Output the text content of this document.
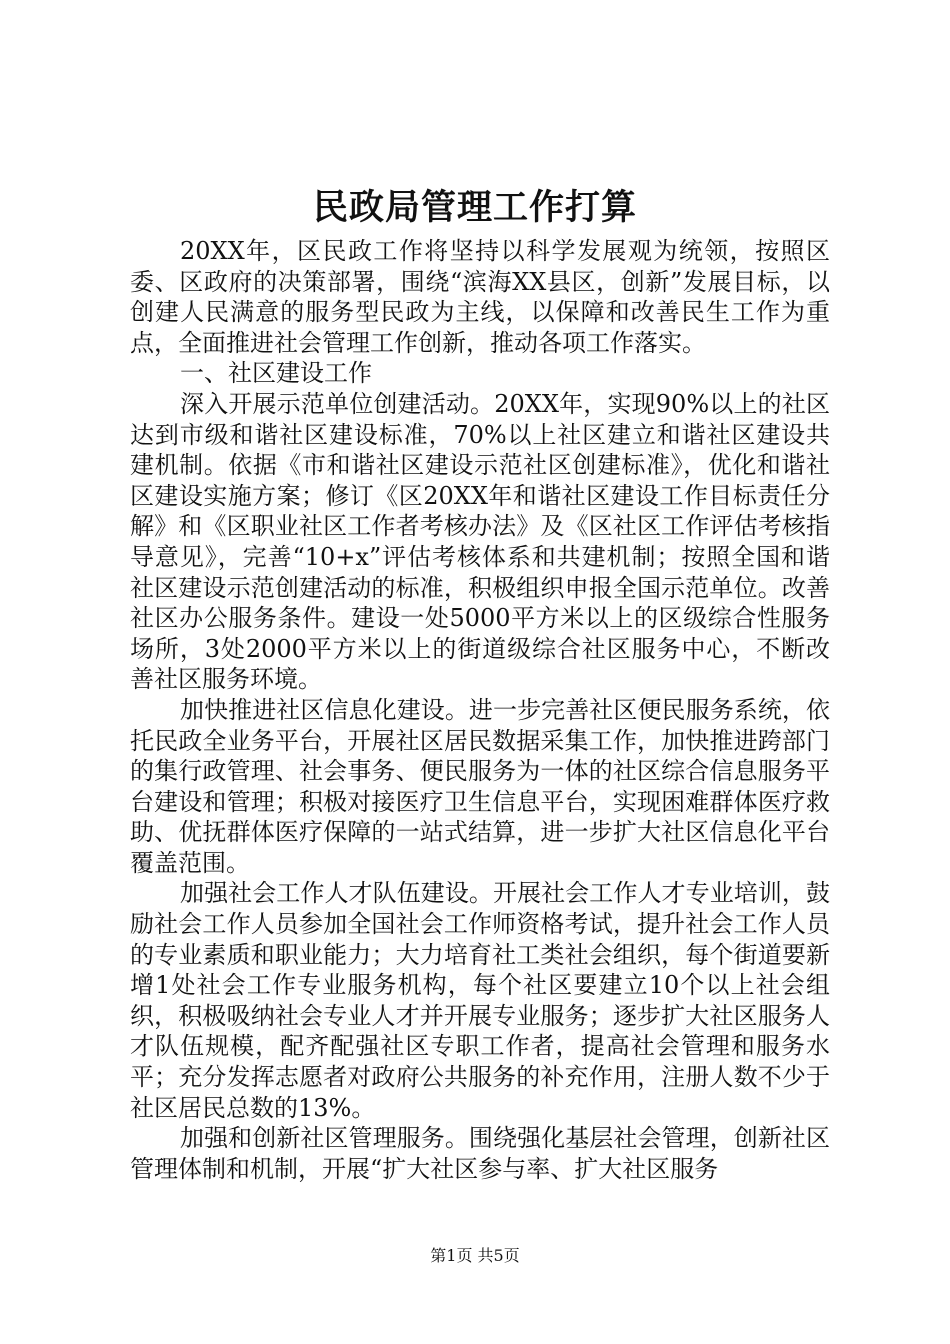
民政局管理工作打算

20XX年，区民政工作将坚持以科学发展观为统领，按照区委、区政府的决策部署，围绕“滨海XX县区，创新”发展目标，以创建人民满意的服务型民政为主线，以保障和改善民生工作为重点，全面推进社会管理工作创新，推动各项工作落实。

一、社区建设工作

深入开展示范单位创建活动。20XX年，实现90%以上的社区达到市级和谐社区建设标准，70%以上社区建立和谐社区建设共建机制。依据《市和谐社区建设示范社区创建标准》，优化和谐社区建设实施方案；修订《区20XX年和谐社区建设工作目标责任分解》和《区职业社区工作者考核办法》及《区社区工作评估考核指导意见》，完善“10+x”评估考核体系和共建机制；按照全国和谐社区建设示范创建活动的标准，积极组织申报全国示范单位。改善社区办公服务条件。建设一处5000平方米以上的区级综合性服务场所，3处2000平方米以上的街道级综合社区服务中心，不断改善社区服务环境。

加快推进社区信息化建设。进一步完善社区便民服务系统，依托民政全业务平台，开展社区居民数据采集工作，加快推进跨部门的集行政管理、社会事务、便民服务为一体的社区综合信息服务平台建设和管理；积极对接医疗卫生信息平台，实现困难群体医疗救助、优抚群体医疗保障的一站式结算，进一步扩大社区信息化平台覆盖范围。

加强社会工作人才队伍建设。开展社会工作人才专业培训，鼓励社会工作人员参加全国社会工作师资格考试，提升社会工作人员的专业素质和职业能力；大力培育社工类社会组织，每个街道要新增1处社会工作专业服务机构，每个社区要建立10个以上社会组织，积极吸纳社会专业人才并开展专业服务；逐步扩大社区服务人才队伍规模，配齐配强社区专职工作者，提高社会管理和服务水平；充分发挥志愿者对政府公共服务的补充作用，注册人数不少于社区居民总数的13%。

加强和创新社区管理服务。围绕强化基层社会管理，创新社区管理体制和机制，开展“扩大社区参与率、扩大社区服务

第1页 共5页
